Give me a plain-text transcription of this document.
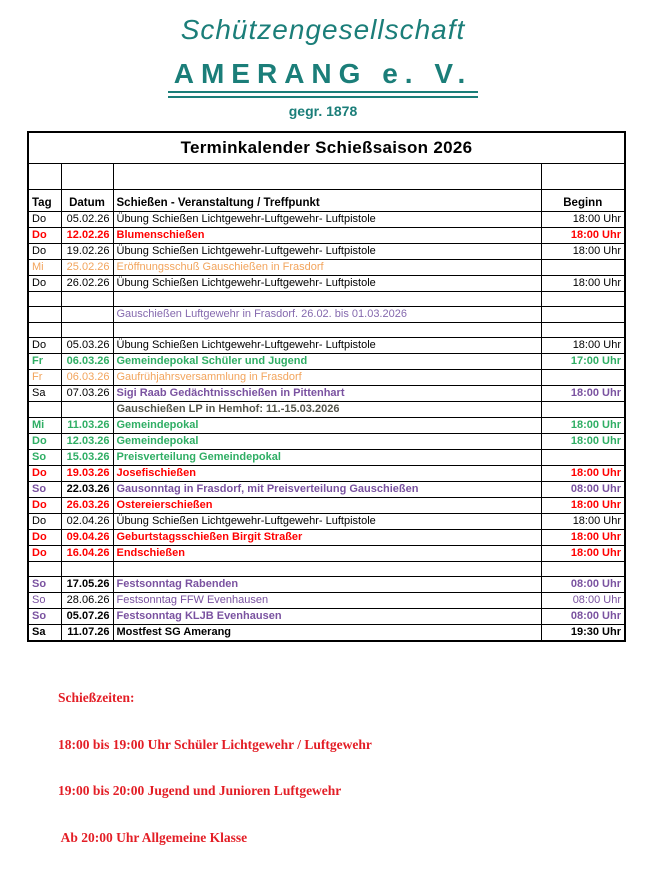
Schützengesellschaft
AMERANG e. V.
gegr. 1878
Terminkalender Schießsaison 2026			

Tag	Datum	Schießen - Veranstaltung / Treffpunkt	Beginn
Do	05.02.26	Übung Schießen Lichtgewehr-Luftgewehr- Luftpistole	18:00 Uhr
Do	12.02.26	Blumenschießen	18:00 Uhr
Do	19.02.26	Übung Schießen Lichtgewehr-Luftgewehr- Luftpistole	18:00 Uhr
Mi	25.02.26	Eröffnungsschuß Gauschießen in Frasdorf	
Do	26.02.26	Übung Schießen Lichtgewehr-Luftgewehr- Luftpistole	18:00 Uhr

		Gauschießen Luftgewehr in Frasdorf. 26.02. bis 01.03.2026	

Do	05.03.26	Übung Schießen Lichtgewehr-Luftgewehr- Luftpistole	18:00 Uhr
Fr	06.03.26	Gemeindepokal Schüler und Jugend	17:00 Uhr
Fr	06.03.26	Gaufrühjahrsversammlung in Frasdorf	
Sa	07.03.26	Sigi Raab Gedächtnisschießen in Pittenhart	18:00 Uhr
		Gauschießen LP in Hemhof: 11.-15.03.2026	
Mi	11.03.26	Gemeindepokal	18:00 Uhr
Do	12.03.26	Gemeindepokal	18:00 Uhr
So	15.03.26	Preisverteilung Gemeindepokal	
Do	19.03.26	Josefischießen	18:00 Uhr
So	22.03.26	Gausonntag in Frasdorf, mit Preisverteilung Gauschießen	08:00 Uhr
Do	26.03.26	Ostereierschießen	18:00 Uhr
Do	02.04.26	Übung Schießen Lichtgewehr-Luftgewehr- Luftpistole	18:00 Uhr
Do	09.04.26	Geburtstagsschießen Birgit Straßer	18:00 Uhr
Do	16.04.26	Endschießen	18:00 Uhr

So	17.05.26	Festsonntag Rabenden	08:00 Uhr
So	28.06.26	Festsonntag FFW Evenhausen	08:00 Uhr
So	05.07.26	Festsonntag KLJB Evenhausen	08:00 Uhr
Sa	11.07.26	Mostfest SG Amerang	19:30 Uhr

Schießzeiten:

18:00 bis 19:00 Uhr Schüler Lichtgewehr / Luftgewehr

19:00 bis 20:00 Jugend und Junioren Luftgewehr

Ab 20:00 Uhr Allgemeine Klasse
